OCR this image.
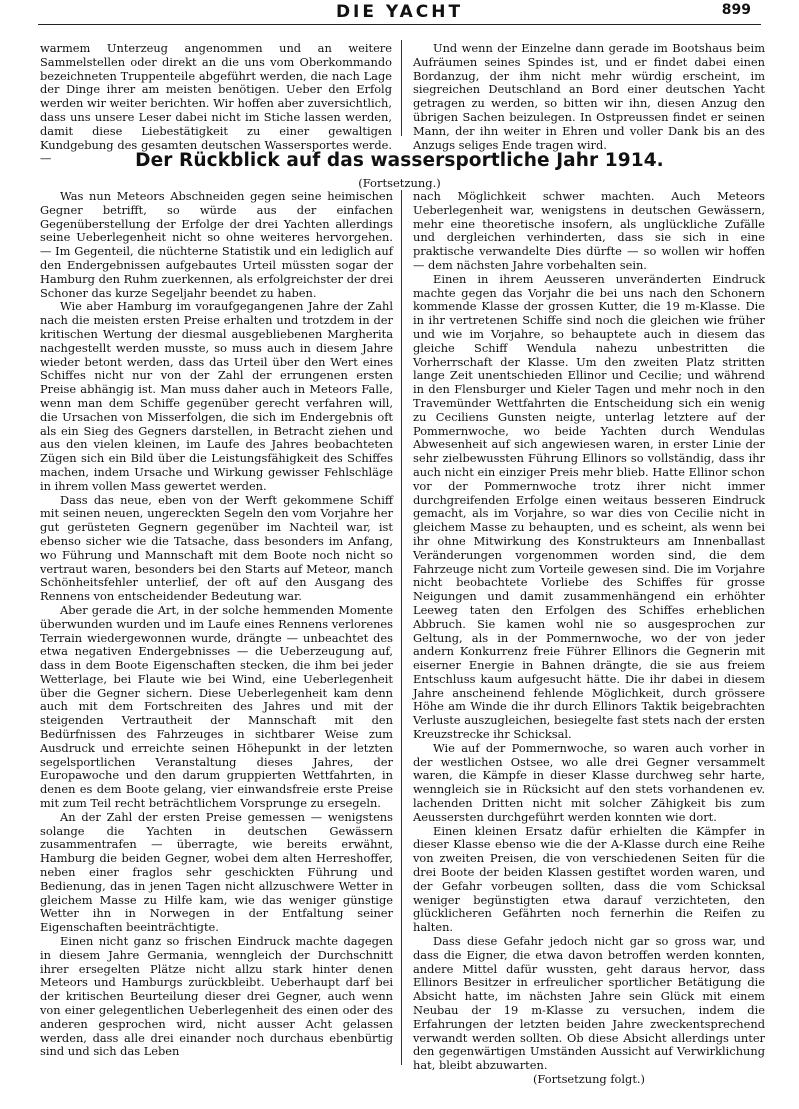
DIE YACHT	899

warmem Unterzeug angenommen und an weitere Sammelstellen oder direkt an die uns vom Oberkommando bezeichneten Truppenteile abgeführt werden, die nach Lage der Dinge ihrer am meisten benötigen. Ueber den Erfolg werden wir weiter berichten. Wir hoffen aber zuversichtlich, dass uns unsere Leser dabei nicht im Stiche lassen werden, damit diese Liebestätigkeit zu einer gewaltigen Kundgebung des gesamten deutschen Wassersportes werde. —

Und wenn der Einzelne dann gerade im Bootshaus beim Aufräumen seines Spindes ist, und er findet dabei einen Bordanzug, der ihm nicht mehr würdig erscheint, im siegreichen Deutschland an Bord einer deutschen Yacht getragen zu werden, so bitten wir ihn, diesen Anzug den übrigen Sachen beizulegen. In Ostpreussen findet er seinen Mann, der ihn weiter in Ehren und voller Dank bis an des Anzugs seliges Ende tragen wird.

Der Rückblick auf das wassersportliche Jahr 1914.
(Fortsetzung.)

Was nun Meteors Abschneiden gegen seine heimischen Gegner betrifft, so würde aus der einfachen Gegenüberstellung der Erfolge der drei Yachten allerdings seine Ueberlegenheit nicht so ohne weiteres hervorgehen. — Im Gegenteil, die nüchterne Statistik und ein lediglich auf den Endergebnissen aufgebautes Urteil müssten sogar der Hamburg den Ruhm zuerkennen, als erfolgreichster der drei Schoner das kurze Segeljahr beendet zu haben.

Wie aber Hamburg im voraufgegangenen Jahre der Zahl nach die meisten ersten Preise erhalten und trotzdem in der kritischen Wertung der diesmal ausgebliebenen Margherita nachgestellt werden musste, so muss auch in diesem Jahre wieder betont werden, dass das Urteil über den Wert eines Schiffes nicht nur von der Zahl der errungenen ersten Preise abhängig ist. Man muss daher auch in Meteors Falle, wenn man dem Schiffe gegenüber gerecht verfahren will, die Ursachen von Misserfolgen, die sich im Endergebnis oft als ein Sieg des Gegners darstellen, in Betracht ziehen und aus den vielen kleinen, im Laufe des Jahres beobachteten Zügen sich ein Bild über die Leistungsfähigkeit des Schiffes machen, indem Ursache und Wirkung gewisser Fehlschläge in ihrem vollen Mass gewertet werden.

Dass das neue, eben von der Werft gekommene Schiff mit seinen neuen, ungereckten Segeln den vom Vorjahre her gut gerüsteten Gegnern gegenüber im Nachteil war, ist ebenso sicher wie die Tatsache, dass besonders im Anfang, wo Führung und Mannschaft mit dem Boote noch nicht so vertraut waren, besonders bei den Starts auf Meteor, manch Schönheitsfehler unterlief, der oft auf den Ausgang des Rennens von entscheidender Bedeutung war.

Aber gerade die Art, in der solche hemmenden Momente überwunden wurden und im Laufe eines Rennens verlorenes Terrain wiedergewonnen wurde, drängte — unbeachtet des etwa negativen Endergebnisses — die Ueberzeugung auf, dass in dem Boote Eigenschaften stecken, die ihm bei jeder Wetterlage, bei Flaute wie bei Wind, eine Ueberlegenheit über die Gegner sichern. Diese Ueberlegenheit kam denn auch mit dem Fortschreiten des Jahres und mit der steigenden Vertrautheit der Mannschaft mit den Bedürfnissen des Fahrzeuges in sichtbarer Weise zum Ausdruck und erreichte seinen Höhepunkt in der letzten segelsportlichen Veranstaltung dieses Jahres, der Europawoche und den darum gruppierten Wettfahrten, in denen es dem Boote gelang, vier einwandsfreie erste Preise mit zum Teil recht beträchtlichem Vorsprunge zu ersegeln.

An der Zahl der ersten Preise gemessen — wenigstens solange die Yachten in deutschen Gewässern zusammentrafen — überragte, wie bereits erwähnt, Hamburg die beiden Gegner, wobei dem alten Herreshoffer, neben einer fraglos sehr geschickten Führung und Bedienung, das in jenen Tagen nicht allzuschwere Wetter in gleichem Masse zu Hilfe kam, wie das weniger günstige Wetter ihn in Norwegen in der Entfaltung seiner Eigenschaften beeinträchtigte.

Einen nicht ganz so frischen Eindruck machte dagegen in diesem Jahre Germania, wenngleich der Durchschnitt ihrer ersegelten Plätze nicht allzu stark hinter denen Meteors und Hamburgs zurückbleibt. Ueberhaupt darf bei der kritischen Beurteilung dieser drei Gegner, auch wenn von einer gelegentlichen Ueberlegenheit des einen oder des anderen gesprochen wird, nicht ausser Acht gelassen werden, dass alle drei einander noch durchaus ebenbürtig sind und sich das Leben

nach Möglichkeit schwer machten. Auch Meteors Ueberlegenheit war, wenigstens in deutschen Gewässern, mehr eine theoretische insofern, als unglückliche Zufälle und dergleichen verhinderten, dass sie sich in eine praktische verwandelte Dies dürfte — so wollen wir hoffen — dem nächsten Jahre vorbehalten sein.

Einen in ihrem Aeusseren unveränderten Eindruck machte gegen das Vorjahr die bei uns nach den Schonern kommende Klasse der grossen Kutter, die 19 m-Klasse. Die in ihr vertretenen Schiffe sind noch die gleichen wie früher und wie im Vorjahre, so behauptete auch in diesem das gleiche Schiff Wendula nahezu unbestritten die Vorherrschaft der Klasse. Um den zweiten Platz stritten lange Zeit unentschieden Ellinor und Cecilie; und während in den Flensburger und Kieler Tagen und mehr noch in den Travemünder Wettfahrten die Entscheidung sich ein wenig zu Ceciliens Gunsten neigte, unterlag letztere auf der Pommernwoche, wo beide Yachten durch Wendulas Abwesenheit auf sich angewiesen waren, in erster Linie der sehr zielbewussten Führung Ellinors so vollständig, dass ihr auch nicht ein einziger Preis mehr blieb. Hatte Ellinor schon vor der Pommernwoche trotz ihrer nicht immer durchgreifenden Erfolge einen weitaus besseren Eindruck gemacht, als im Vorjahre, so war dies von Cecilie nicht in gleichem Masse zu behaupten, und es scheint, als wenn bei ihr ohne Mitwirkung des Konstrukteurs am Innenballast Veränderungen vorgenommen worden sind, die dem Fahrzeuge nicht zum Vorteile gewesen sind. Die im Vorjahre nicht beobachtete Vorliebe des Schiffes für grosse Neigungen und damit zusammenhängend ein erhöhter Leeweg taten den Erfolgen des Schiffes erheblichen Abbruch. Sie kamen wohl nie so ausgesprochen zur Geltung, als in der Pommernwoche, wo der von jeder andern Konkurrenz freie Führer Ellinors die Gegnerin mit eiserner Energie in Bahnen drängte, die sie aus freiem Entschluss kaum aufgesucht hätte. Die ihr dabei in diesem Jahre anscheinend fehlende Möglichkeit, durch grössere Höhe am Winde die ihr durch Ellinors Taktik beigebrachten Verluste auszugleichen, besiegelte fast stets nach der ersten Kreuzstrecke ihr Schicksal.

Wie auf der Pommernwoche, so waren auch vorher in der westlichen Ostsee, wo alle drei Gegner versammelt waren, die Kämpfe in dieser Klasse durchweg sehr harte, wenngleich sie in Rücksicht auf den stets vorhandenen ev. lachenden Dritten nicht mit solcher Zähigkeit bis zum Aeussersten durchgeführt werden konnten wie dort.

Einen kleinen Ersatz dafür erhielten die Kämpfer in dieser Klasse ebenso wie die der A-Klasse durch eine Reihe von zweiten Preisen, die von verschiedenen Seiten für die drei Boote der beiden Klassen gestiftet worden waren, und der Gefahr vorbeugen sollten, dass die vom Schicksal weniger begünstigten etwa darauf verzichteten, den glücklicheren Gefährten noch fernerhin die Reifen zu halten.

Dass diese Gefahr jedoch nicht gar so gross war, und dass die Eigner, die etwa davon betroffen werden konnten, andere Mittel dafür wussten, geht daraus hervor, dass Ellinors Besitzer in erfreulicher sportlicher Betätigung die Absicht hatte, im nächsten Jahre sein Glück mit einem Neubau der 19 m-Klasse zu versuchen, indem die Erfahrungen der letzten beiden Jahre zweckentsprechend verwandt werden sollten. Ob diese Absicht allerdings unter den gegenwärtigen Umständen Aussicht auf Verwirklichung hat, bleibt abzuwarten.

(Fortsetzung folgt.)
